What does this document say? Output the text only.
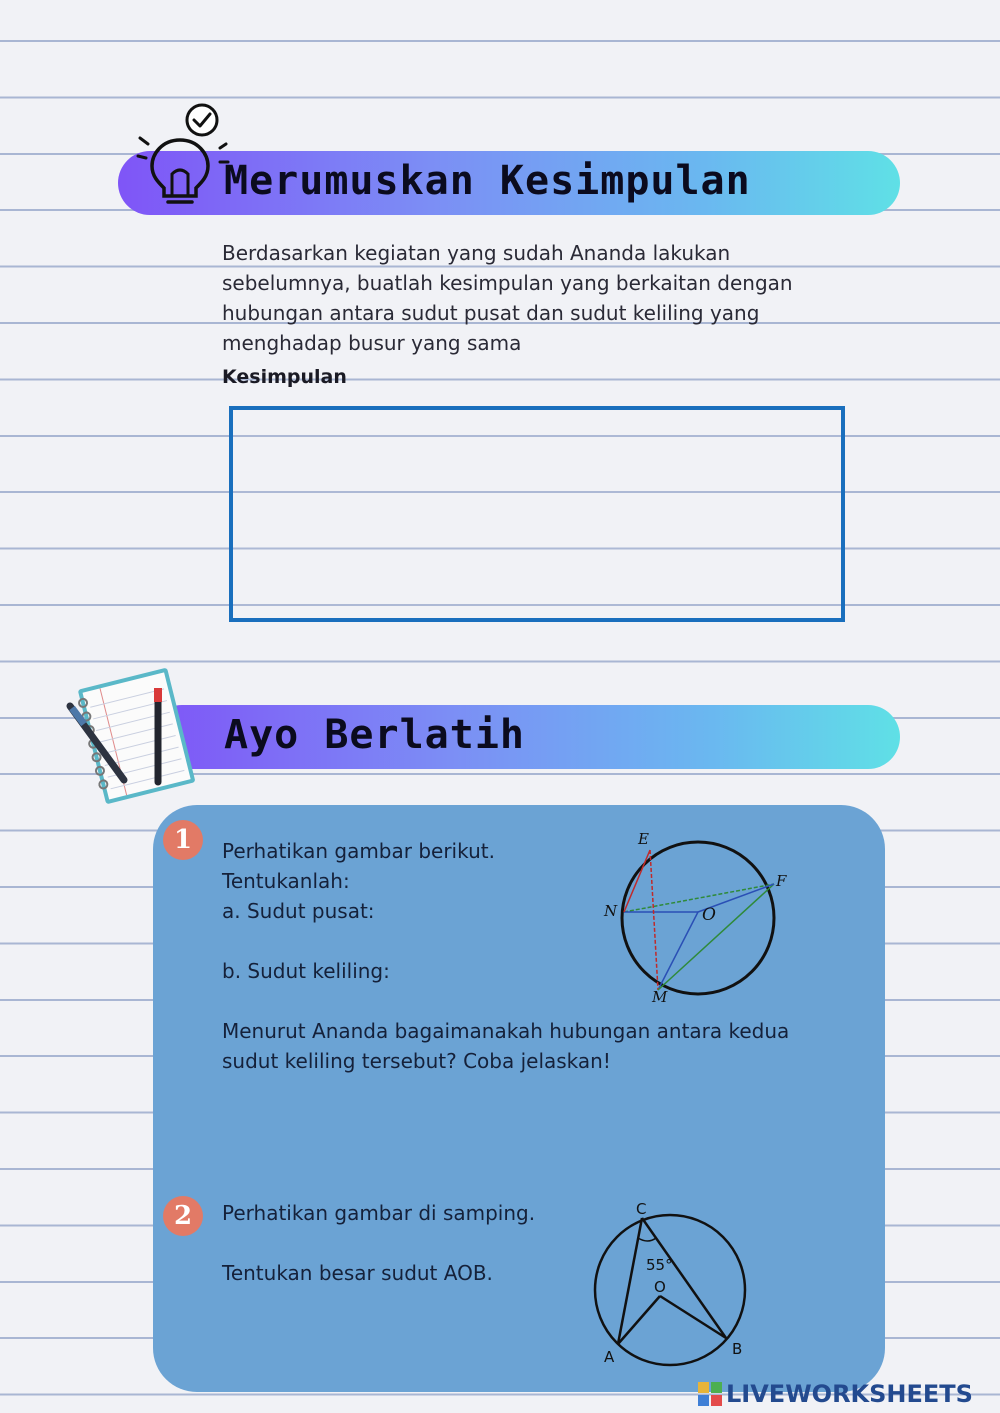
Merumuskan Kesimpulan
Berdasarkan kegiatan yang sudah Ananda lakukan
sebelumnya, buatlah kesimpulan yang berkaitan dengan
hubungan antara sudut pusat dan sudut keliling yang
menghadap busur yang sama
Kesimpulan
Ayo Berlatih
1	Perhatikan gambar berikut.
Tentukanlah:
a. Sudut pusat:
b. Sudut keliling:
Menurut Ananda bagaimanakah hubungan antara kedua
sudut keliling tersebut? Coba jelaskan!
E
F
N	O
M
2	Perhatikan gambar di samping.
Tentukan besar sudut AOB.
C
55°
O
A	B
LIVEWORKSHEETS
